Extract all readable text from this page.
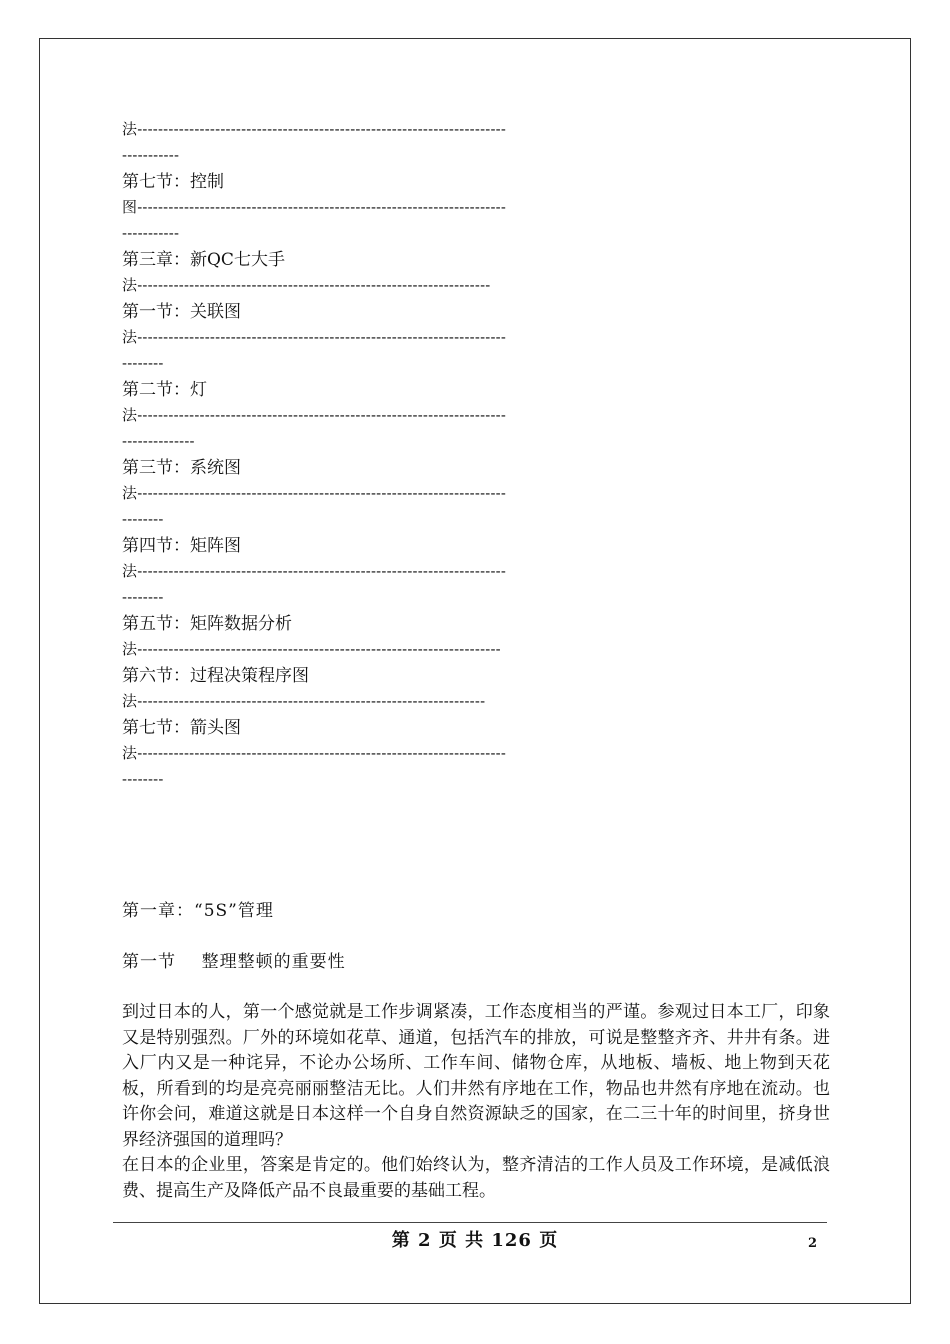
法-----------------------------------------------------------------------
-----------
第七节：控制
图-----------------------------------------------------------------------
-----------
第三章：新QC七大手
法--------------------------------------------------------------------
第一节：关联图
法-----------------------------------------------------------------------
--------
第二节：灯
法-----------------------------------------------------------------------
--------------
第三节：系统图
法-----------------------------------------------------------------------
--------
第四节：矩阵图
法-----------------------------------------------------------------------
--------
第五节：矩阵数据分析
法----------------------------------------------------------------------
第六节：过程决策程序图
法-------------------------------------------------------------------
第七节：箭头图
法-----------------------------------------------------------------------
--------
第一章：“5S”管理
第一节    整理整顿的重要性

到过日本的人，第一个感觉就是工作步调紧凑，工作态度相当的严谨。参观过日本工厂，印象又是特别强烈。厂外的环境如花草、通道，包括汽车的排放，可说是整整齐齐、井井有条。进入厂内又是一种诧异，不论办公场所、工作车间、储物仓库，从地板、墙板、地上物到天花板，所看到的均是亮亮丽丽整洁无比。人们井然有序地在工作，物品也井然有序地在流动。也许你会问，难道这就是日本这样一个自身自然资源缺乏的国家，在二三十年的时间里，挤身世界经济强国的道理吗？

在日本的企业里，答案是肯定的。他们始终认为，整齐清洁的工作人员及工作环境，是减低浪费、提高生产及降低产品不良最重要的基础工程。

第 2 页 共 126 页	2
